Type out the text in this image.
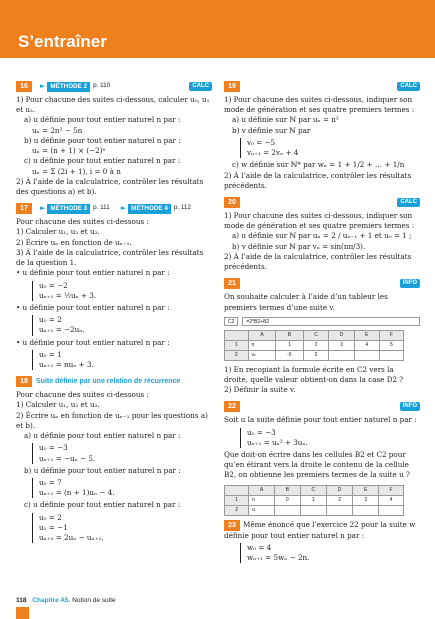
S’entraîner
16	► MÉTHODE 2 p. 110	CALC

1) Pour chacune des suites ci-dessous, calculer u₀, u₁ et u₂.

a) u définie pour tout entier naturel n par :

uₙ = 2n² − 5n

b) u définie pour tout entier naturel n par :

uₙ = (n + 1) × (−2)ⁿ

c) u définie pour tout entier naturel n par :

uₙ = Σ (2i + 1), i = 0 à n

2) À l’aide de la calculatrice, contrôler les résultats des questions a) et b).

17	► MÉTHODE 3 p. 111	► MÉTHODE 4 p. 112

Pour chacune des suites ci-dessous :

1) Calculer u₁, u₂ et u₃.

2) Écrire uₙ en fonction de uₙ₋₁.

3) À l’aide de la calculatrice, contrôler les résultats de la question 1.

• u définie pour tout entier naturel n par :

u₀ = −2

uₙ₊₁ = ½uₙ + 3.

• u définie pour tout entier naturel n par :

u₀ = 2

uₙ₊₁ = −2uₙ.

• u définie pour tout entier naturel n par :

u₀ = 1

uₙ₊₁ = nuₙ + 3.

18	Suite définie par une relation de récurrence

Pour chacune des suites ci-dessous :

1) Calculer u₁, u₂ et u₃.

2) Écrire uₙ en fonction de uₙ₋₁ pour les questions a) et b).

a) u définie pour tout entier naturel n par :

u₀ = −3

uₙ₊₁ = −uₙ − 5.

b) u définie pour tout entier naturel n par :

u₀ = 7

uₙ₊₁ = (n + 1)uₙ − 4.

c) u définie pour tout entier naturel n par :

u₀ = 2

u₁ = −1

uₙ₊₂ = 2uₙ − uₙ₊₁.

19	CALC

1) Pour chacune des suites ci-dessous, indiquer son mode de génération et ses quatre premiers termes :

a) u définie sur ℕ par uₙ = n³

b) v définie sur ℕ par

v₀ = −5

vₙ₊₁ = 2vₙ + 4

c) w définie sur ℕ* par wₙ = 1 + 1/2 + … + 1/n

2) À l’aide de la calculatrice, contrôler les résultats précédents.

20	CALC

1) Pour chacune des suites ci-dessous, indiquer son mode de génération et ses quatre premiers termes :

a) u définie sur ℕ par uₙ = 2 / uₙ₋₁ + 1 et u₀ = 1 ;

b) v définie sur ℕ par vₙ = sin(nπ/3).

2) À l’aide de la calculatrice, contrôler les résultats précédents.

21	INFO

On souhaite calculer à l’aide d’un tableur les premiers termes d’une suite v.

C2	=2*B2+B2
	A	B	C	D	E	F
1	n	1	2	3	4	5
2	vₙ	-5	2			

1) En recopiant la formule écrite en C2 vers la droite, quelle valeur obtient-on dans la case D2 ?

2) Définir la suite v.

22	INFO

Soit u la suite définie pour tout entier naturel n par :

u₀ = −3

uₙ₊₁ = uₙ² + 3uₙ.

Que doit-on écrire dans les cellules B2 et C2 pour qu’en étirant vers la droite le contenu de la cellule B2, on obtienne les premiers termes de la suite u ?

	A	B	C	D	E	F
1	n	0	1	2	3	4
2	u					
23 Même énoncé que l’exercice 22 pour la suite w définie pour tout entier naturel n par :

w₀ = 4

wₙ₊₁ = 5wₙ − 2n.

118 Chapitre A5. Notion de suite
